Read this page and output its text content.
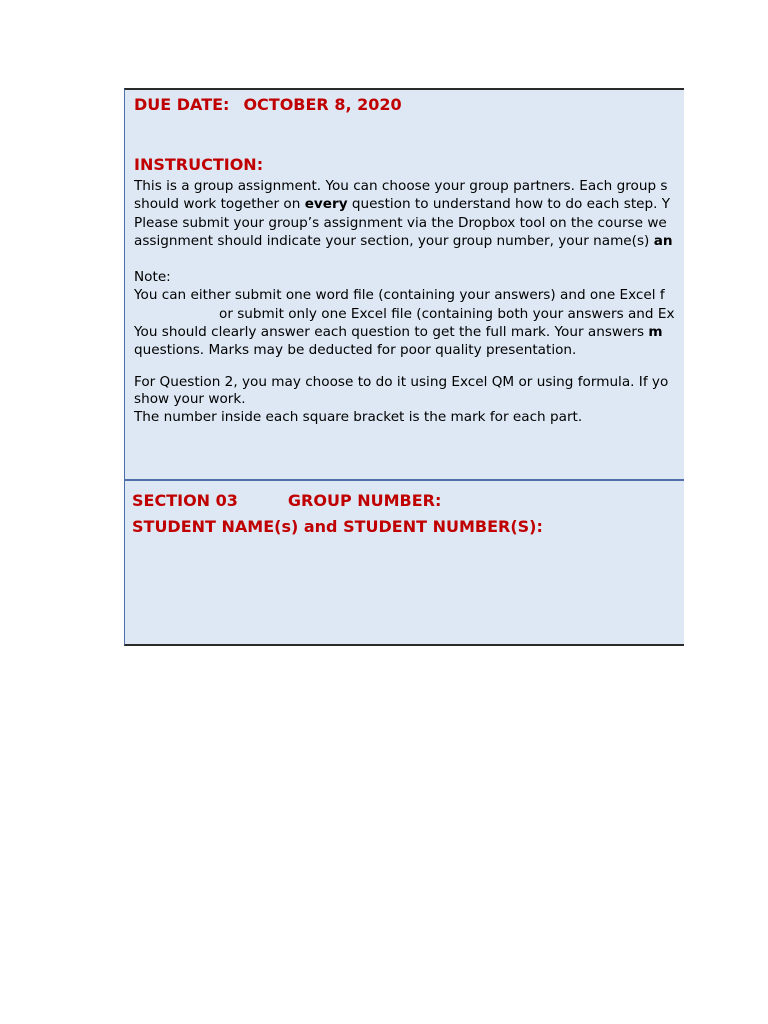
DUE DATE: OCTOBER 8, 2020
INSTRUCTION:
This is a group assignment. You can choose your group partners. Each group s
should work together on every question to understand how to do each step. Y
Please submit your group’s assignment via the Dropbox tool on the course we
assignment should indicate your section, your group number, your name(s) an
Note:
You can either submit one word file (containing your answers) and one Excel f
or submit only one Excel file (containing both your answers and Ex
You should clearly answer each question to get the full mark. Your answers m
questions. Marks may be deducted for poor quality presentation.
For Question 2, you may choose to do it using Excel QM or using formula. If yo
show your work.
The number inside each square bracket is the mark for each part.
SECTION 03	GROUP NUMBER:
STUDENT NAME(s) and STUDENT NUMBER(S):
